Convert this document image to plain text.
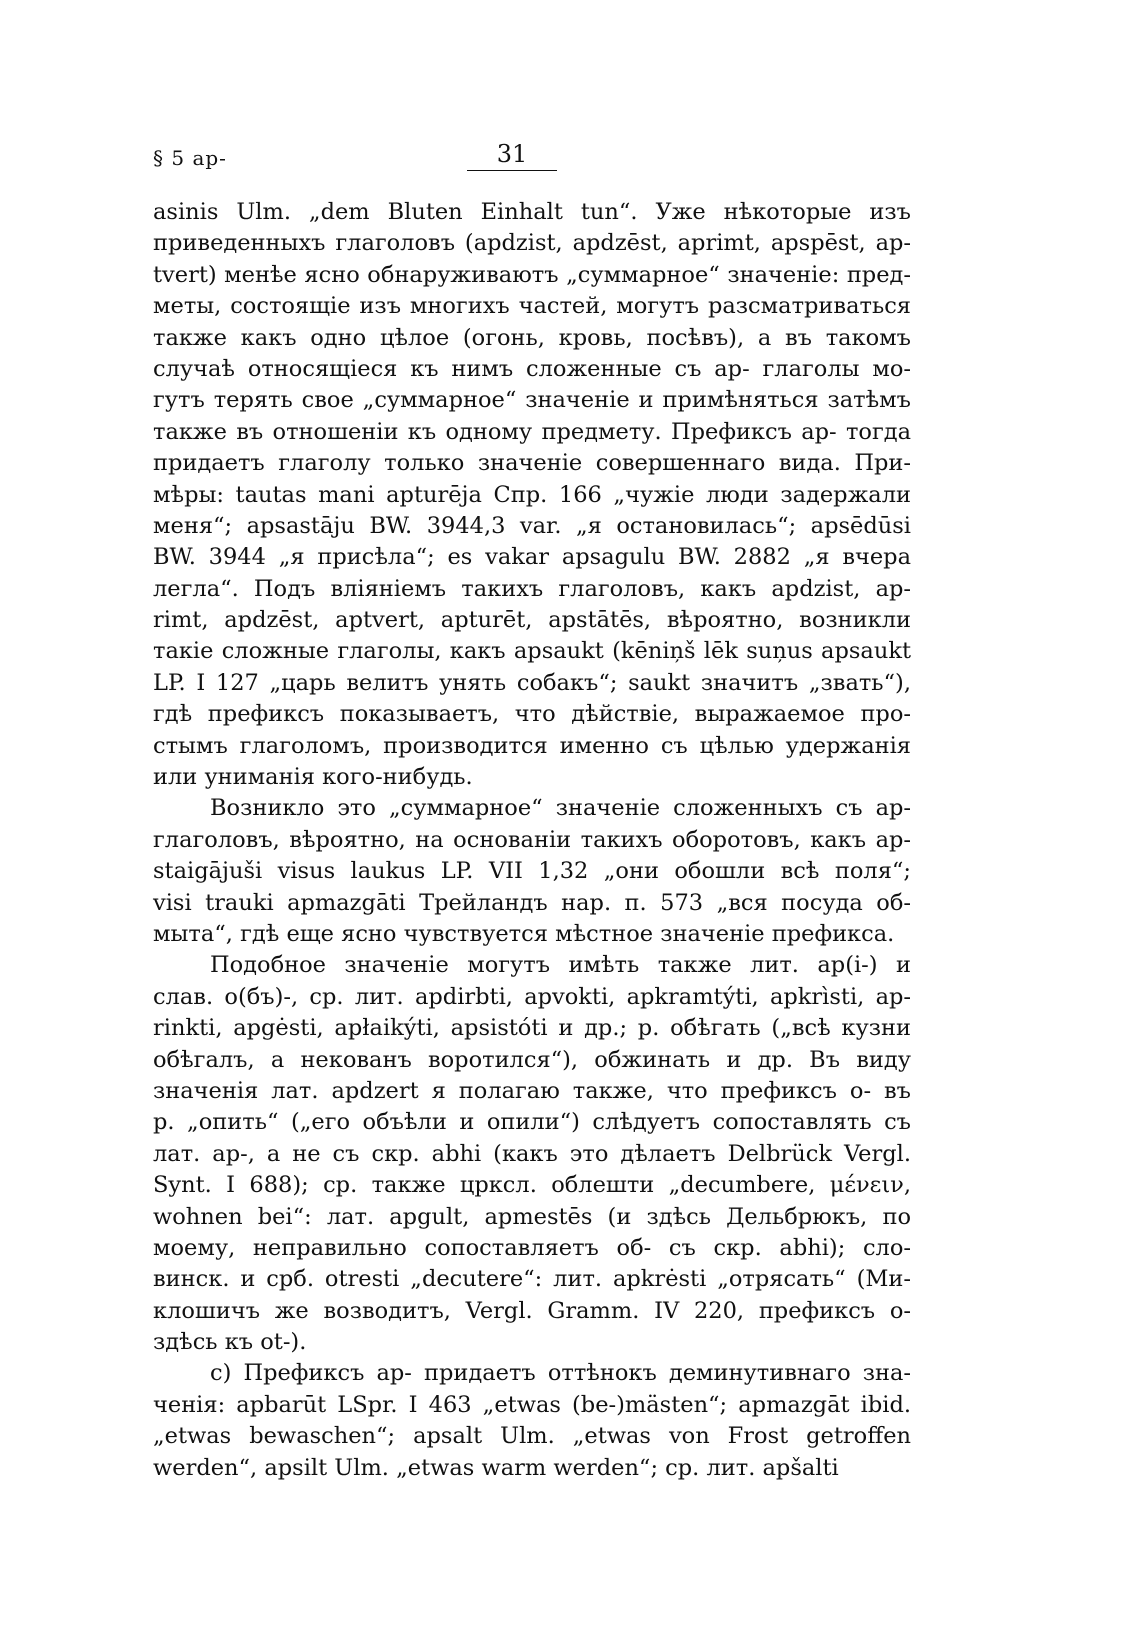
§ 5 ap-	31
asinis Ulm. „dem Bluten Einhalt tun“. Уже нѣкоторые изъ
приведенныхъ глаголовъ (apdzist, apdzēst, aprimt, apspēst, ap-
tvert) менѣе ясно обнаруживаютъ „суммарное“ значеніе: пред-
меты, состоящіе изъ многихъ частей, могутъ разсматриваться
также какъ одно цѣлое (огонь, кровь, посѣвъ), а въ такомъ
случаѣ относящіеся къ нимъ сложенные съ ар- глаголы мо-
гутъ терять свое „суммарное“ значеніе и примѣняться затѣмъ
также въ отношеніи къ одному предмету. Префиксъ ар- тогда
придаетъ глаголу только значеніе совершеннаго вида. При-
мѣры: tautas mani apturēja Спр. 166 „чужіе люди задержали
меня“; apsastāju BW. 3944,3 var. „я остановилась“; apsēdūsi
BW. 3944 „я присѣла“; es vakar apsagulu BW. 2882 „я вчера
легла“. Подъ вліяніемъ такихъ глаголовъ, какъ apdzist, ap-
rimt, apdzēst, aptvert, apturēt, apstātēs, вѣроятно, возникли
такіе сложные глаголы, какъ apsaukt (kēniņš lēk suņus apsaukt
LP. I 127 „царь велитъ унять собакъ“; saukt значитъ „звать“),
гдѣ префиксъ показываетъ, что дѣйствіе, выражаемое про-
стымъ глаголомъ, производится именно съ цѣлью удержанія
или униманія кого-нибудь.
Возникло это „суммарное“ значеніе сложенныхъ съ ар-
глаголовъ, вѣроятно, на основаніи такихъ оборотовъ, какъ ар-
staigājuši visus laukus LP. VII 1,32 „они обошли всѣ поля“;
visi trauki apmazgāti Трейландъ нар. п. 573 „вся посуда об-
мыта“, гдѣ еще ясно чувствуется мѣстное значеніе префикса.
Подобное значеніе могутъ имѣть также лит. ap(i-) и
слав. о(бъ)-, ср. лит. apdirbti, apvokti, apkramtýti, apkrìsti, ap-
rinkti, apgėsti, apłaikýti, apsistóti и др.; р. обѣгать („всѣ кузни
обѣгалъ, а некованъ воротился“), обжинать и др. Въ виду
значенія лат. apdzert я полагаю также, что префиксъ о- въ
р. „опить“ („его объѣли и опили“) слѣдуетъ сопоставлять съ
лат. ар-, а не съ скр. abhi (какъ это дѣлаетъ Delbrück Vergl.
Synt. I 688); ср. также црксл. облешти „decumbere, μένειν,
wohnen bei“: лат. apgult, apmestēs (и здѣсь Дельбрюкъ, по
моему, неправильно сопоставляетъ об- съ скр. abhi); сло-
винск. и срб. otresti „decutere“: лит. apkrėsti „отрясать“ (Ми-
клошичъ же возводитъ, Vergl. Gramm. IV 220, префиксъ о-
здѣсь къ ot-).
c) Префиксъ ар- придаетъ оттѣнокъ деминутивнаго зна-
ченія: apbarūt LSpr. I 463 „etwas (be-)mästen“; apmazgāt ibid.
„etwas bewaschen“; apsalt Ulm. „etwas von Frost getroffen
werden“, apsilt Ulm. „etwas warm werden“; ср. лит. apšalti
